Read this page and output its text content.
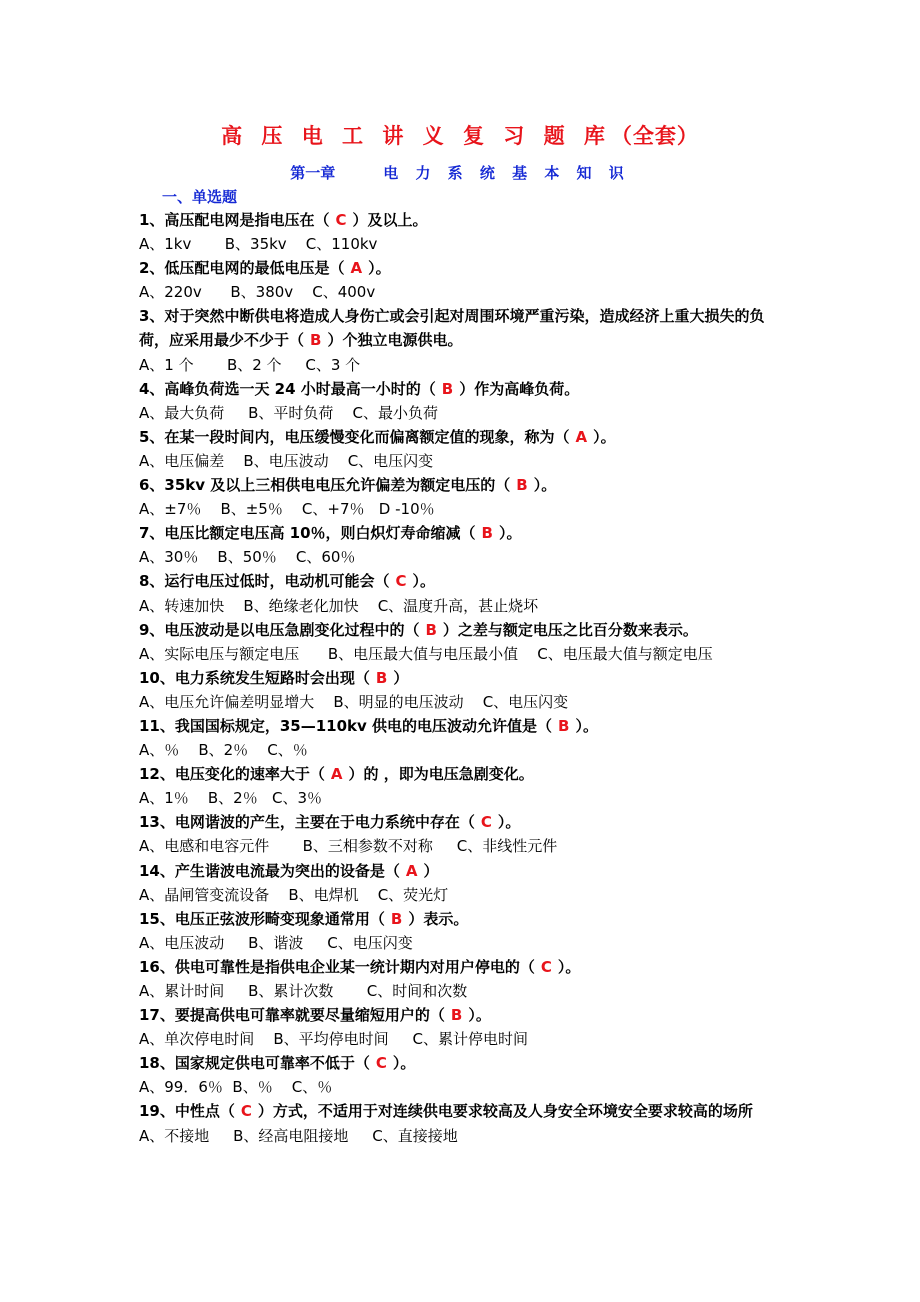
高 压 电 工 讲 义 复 习 题 库（全套）
第一章	电 力 系 统 基 本 知 识
一、单选题
1、高压配电网是指电压在（ C ）及以上。
A、1kv       B、35kv    C、110kv
2、低压配电网的最低电压是（ A ）。
A、220v      B、380v    C、400v
3、对于突然中断供电将造成人身伤亡或会引起对周围环境严重污染，造成经济上重大损失的负荷，应采用最少不少于（ B ）个独立电源供电。
A、1 个       B、2 个     C、3 个
4、高峰负荷选一天 24 小时最高一小时的（ B ）作为高峰负荷。
A、最大负荷     B、平时负荷    C、最小负荷
5、在某一段时间内，电压缓慢变化而偏离额定值的现象，称为（ A ）。
A、电压偏差    B、电压波动    C、电压闪变
6、35kv 及以上三相供电电压允许偏差为额定电压的（ B ）。
A、±7％    B、±5％    C、+7％   D -10％
7、电压比额定电压高 10％，则白炽灯寿命缩减（ B ）。
A、30％    B、50％    C、60％
8、运行电压过低时，电动机可能会（ C ）。
A、转速加快    B、绝缘老化加快    C、温度升高，甚止烧坏
9、电压波动是以电压急剧变化过程中的（ B ）之差与额定电压之比百分数来表示。
A、实际电压与额定电压      B、电压最大值与电压最小值    C、电压最大值与额定电压
10、电力系统发生短路时会出现（ B ）
A、电压允许偏差明显增大    B、明显的电压波动    C、电压闪变
11、我国国标规定，35—110kv 供电的电压波动允许值是（ B ）。
A、％    B、2％    C、％
12、电压变化的速率大于（ A ）的 ，即为电压急剧变化。
A、1％    B、2％   C、3％
13、电网谐波的产生，主要在于电力系统中存在（ C ）。
A、电感和电容元件       B、三相参数不对称     C、非线性元件
14、产生谐波电流最为突出的设备是（ A ）
A、晶闸管变流设备    B、电焊机    C、荧光灯
15、电压正弦波形畸变现象通常用（ B ）表示。
A、电压波动     B、谐波     C、电压闪变
16、供电可靠性是指供电企业某一统计期内对用户停电的（ C ）。
A、累计时间     B、累计次数       C、时间和次数
17、要提高供电可靠率就要尽量缩短用户的（ B ）。
A、单次停电时间    B、平均停电时间     C、累计停电时间
18、国家规定供电可靠率不低于（ C ）。
A、99．6％  B、％    C、％
19、中性点（ C ）方式，不适用于对连续供电要求较高及人身安全环境安全要求较高的场所
A、不接地     B、经高电阻接地     C、直接接地
